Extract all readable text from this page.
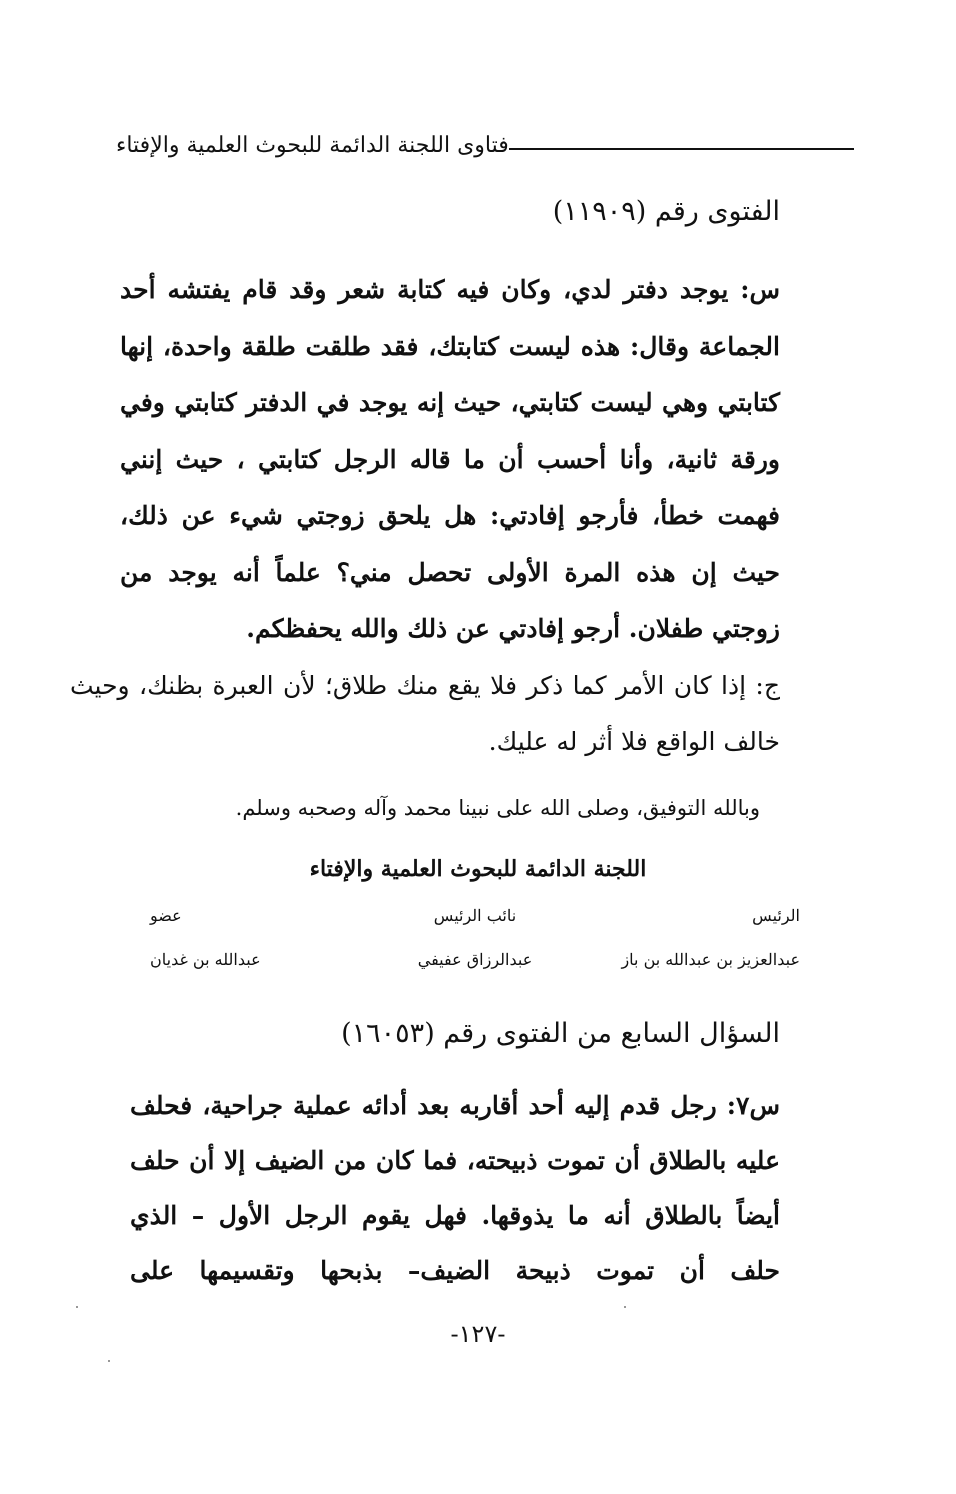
فتاوى اللجنة الدائمة للبحوث العلمية والإفتاء
الفتوى رقم (١١٩٠٩)
س: يوجد دفتر لدي، وكان فيه كتابة شعر وقد قام يفتشه أحد الجماعة وقال: هذه ليست كتابتك، فقد طلقت طلقة واحدة، إنها كتابتي وهي ليست كتابتي، حيث إنه يوجد في الدفتر كتابتي وفي ورقة ثانية، وأنا أحسب أن ما قاله الرجل كتابتي ، حيث إنني فهمت خطأ، فأرجو إفادتي: هل يلحق زوجتي شيء عن ذلك، حيث إن هذه المرة الأولى تحصل مني؟ علماً أنه يوجد من زوجتي طفلان. أرجو إفادتي عن ذلك والله يحفظكم.
ج: إذا كان الأمر كما ذكر فلا يقع منك طلاق؛ لأن العبرة بظنك، وحيث خالف الواقع فلا أثر له عليك.
وبالله التوفيق، وصلى الله على نبينا محمد وآله وصحبه وسلم.
اللجنة الدائمة للبحوث العلمية والإفتاء
الرئيس
نائب الرئيس
عضو
عبدالعزيز بن عبدالله بن باز
عبدالرزاق عفيفي
عبدالله بن غديان
السؤال السابع من الفتوى رقم (١٦٠٥٣)
س٧: رجل قدم إليه أحد أقاربه بعد أدائه عملية جراحية، فحلف عليه بالطلاق أن تموت ذبيحته، فما كان من الضيف إلا أن حلف أيضاً بالطلاق أنه ما يذوقها. فهل يقوم الرجل الأول – الذي حلف أن تموت ذبيحة الضيف– بذبحها وتقسيمها على
-١٢٧-
